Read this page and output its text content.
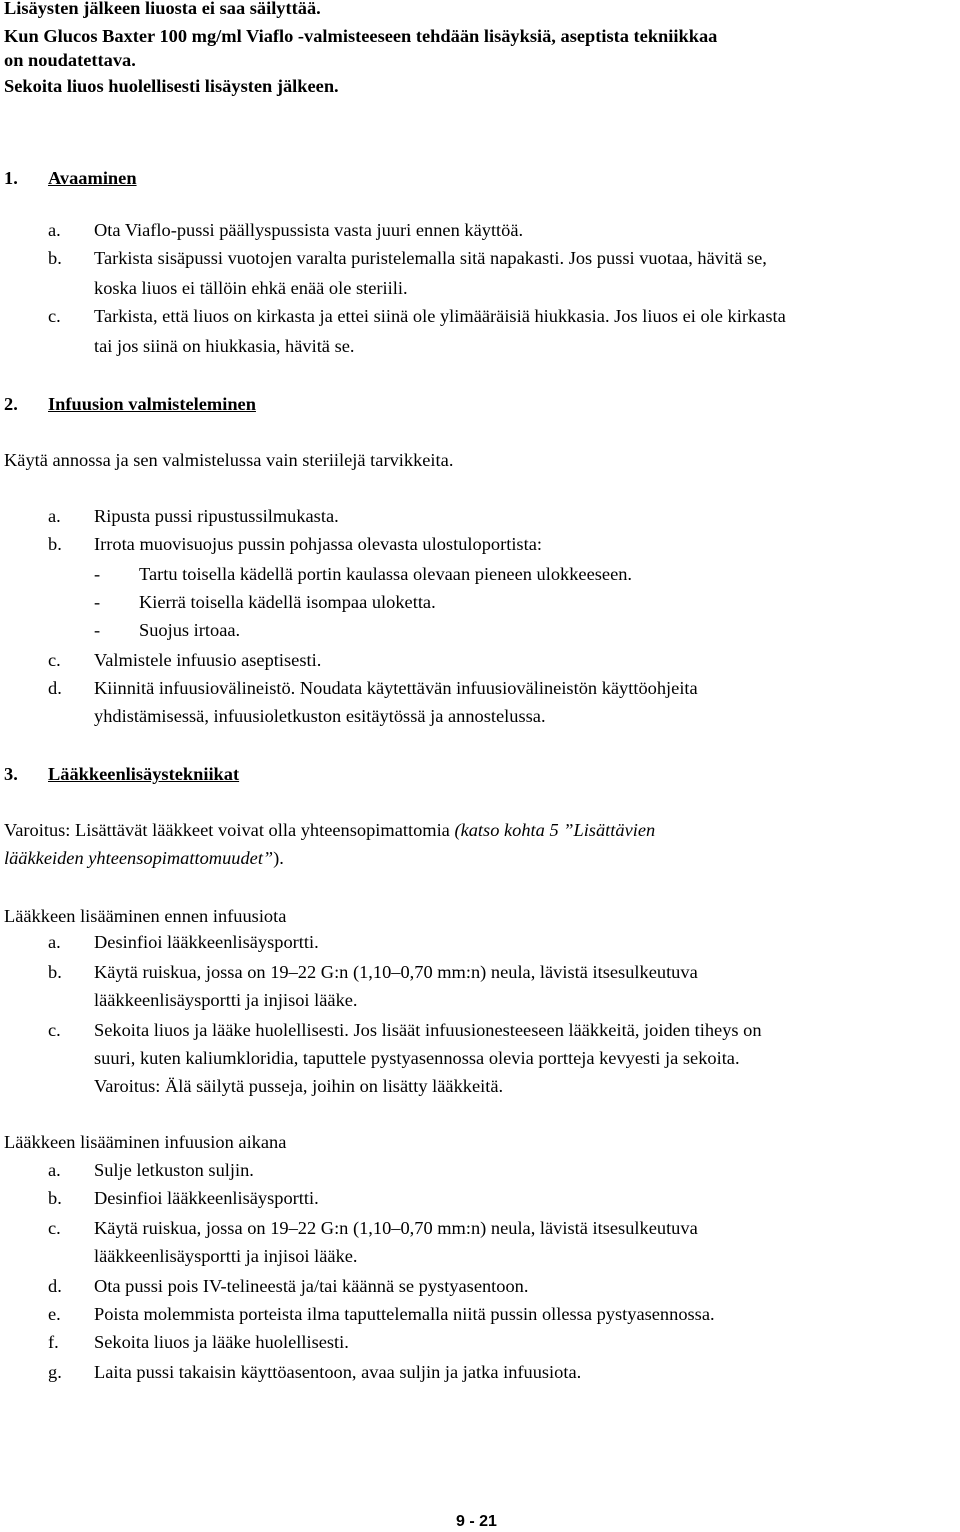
Lisäysten jälkeen liuosta ei saa säilyttää.
Kun Glucos Baxter 100 mg/ml Viaflo -valmisteeseen tehdään lisäyksiä, aseptista tekniikkaa
on noudatettava.
Sekoita liuos huolellisesti lisäysten jälkeen.
1. Avaaminen
a. Ota Viaflo-pussi päällyspussista vasta juuri ennen käyttöä.
b. Tarkista sisäpussi vuotojen varalta puristelemalla sitä napakasti. Jos pussi vuotaa, hävitä se,
koska liuos ei tällöin ehkä enää ole steriili.
c. Tarkista, että liuos on kirkasta ja ettei siinä ole ylimääräisiä hiukkasia. Jos liuos ei ole kirkasta
tai jos siinä on hiukkasia, hävitä se.
2. Infuusion valmisteleminen
Käytä annossa ja sen valmistelussa vain steriilejä tarvikkeita.
a. Ripusta pussi ripustussilmukasta.
b. Irrota muovisuojus pussin pohjassa olevasta ulostuloportista:
- Tartu toisella kädellä portin kaulassa olevaan pieneen ulokkeeseen.
- Kierrä toisella kädellä isompaa uloketta.
- Suojus irtoaa.
c. Valmistele infuusio aseptisesti.
d. Kiinnitä infuusiovälineistö. Noudata käytettävän infuusiovälineistön käyttöohjeita
yhdistämisessä, infuusioletkuston esitäytössä ja annostelussa.
3. Lääkkeenlisäystekniikat
Varoitus: Lisättävät lääkkeet voivat olla yhteensopimattomia (katso kohta 5 ”Lisättävien
lääkkeiden yhteensopimattomuudet”).
Lääkkeen lisääminen ennen infuusiota
a. Desinfioi lääkkeenlisäysportti.
b. Käytä ruiskua, jossa on 19–22 G:n (1,10–0,70 mm:n) neula, lävistä itsesulkeutuva
lääkkeenlisäysportti ja injisoi lääke.
c. Sekoita liuos ja lääke huolellisesti. Jos lisäät infuusionesteeseen lääkkeitä, joiden tiheys on
suuri, kuten kaliumkloridia, taputtele pystyasennossa olevia portteja kevyesti ja sekoita.
Varoitus: Älä säilytä pusseja, joihin on lisätty lääkkeitä.
Lääkkeen lisääminen infuusion aikana
a. Sulje letkuston suljin.
b. Desinfioi lääkkeenlisäysportti.
c. Käytä ruiskua, jossa on 19–22 G:n (1,10–0,70 mm:n) neula, lävistä itsesulkeutuva
lääkkeenlisäysportti ja injisoi lääke.
d. Ota pussi pois IV-telineestä ja/tai käännä se pystyasentoon.
e. Poista molemmista porteista ilma taputtelemalla niitä pussin ollessa pystyasennossa.
f. Sekoita liuos ja lääke huolellisesti.
g. Laita pussi takaisin käyttöasentoon, avaa suljin ja jatka infuusiota.
9 - 21
